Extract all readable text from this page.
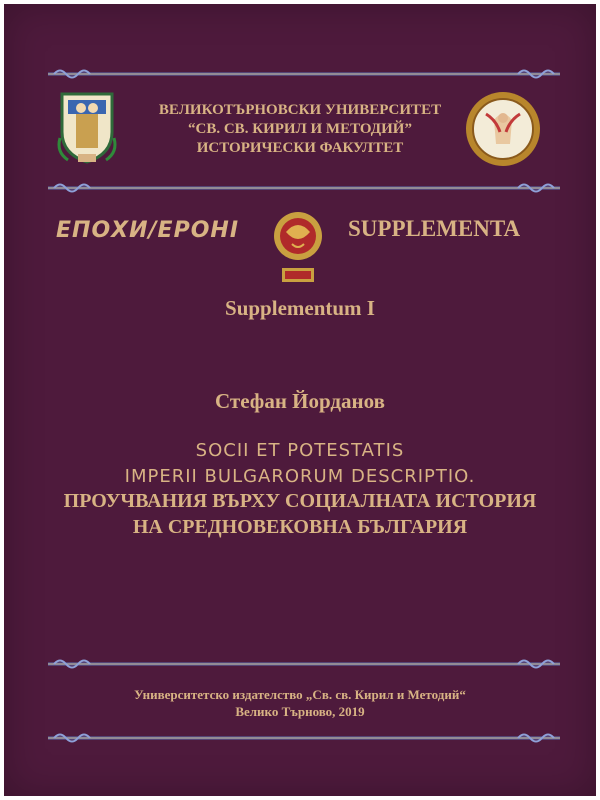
ВЕЛИКОТЪРНОВСКИ УНИВЕРСИТЕТ
“СВ. СВ. КИРИЛ И МЕТОДИЙ”
ИСТОРИЧЕСКИ ФАКУЛТЕТ
ЕПОХИ/ЕРОНІ	SUPPLEMENTA
Supplementum I
Стефан Йорданов
SOCII ET POTESTATIS
IMPERII BULGARORUM DESCRIPTIO.
ПРОУЧВАНИЯ ВЪРХУ СОЦИАЛНАТА ИСТОРИЯ
НА СРЕДНОВЕКОВНА БЪЛГАРИЯ
Университетско издателство „Св. св. Кирил и Методий“
Велико Търново, 2019
